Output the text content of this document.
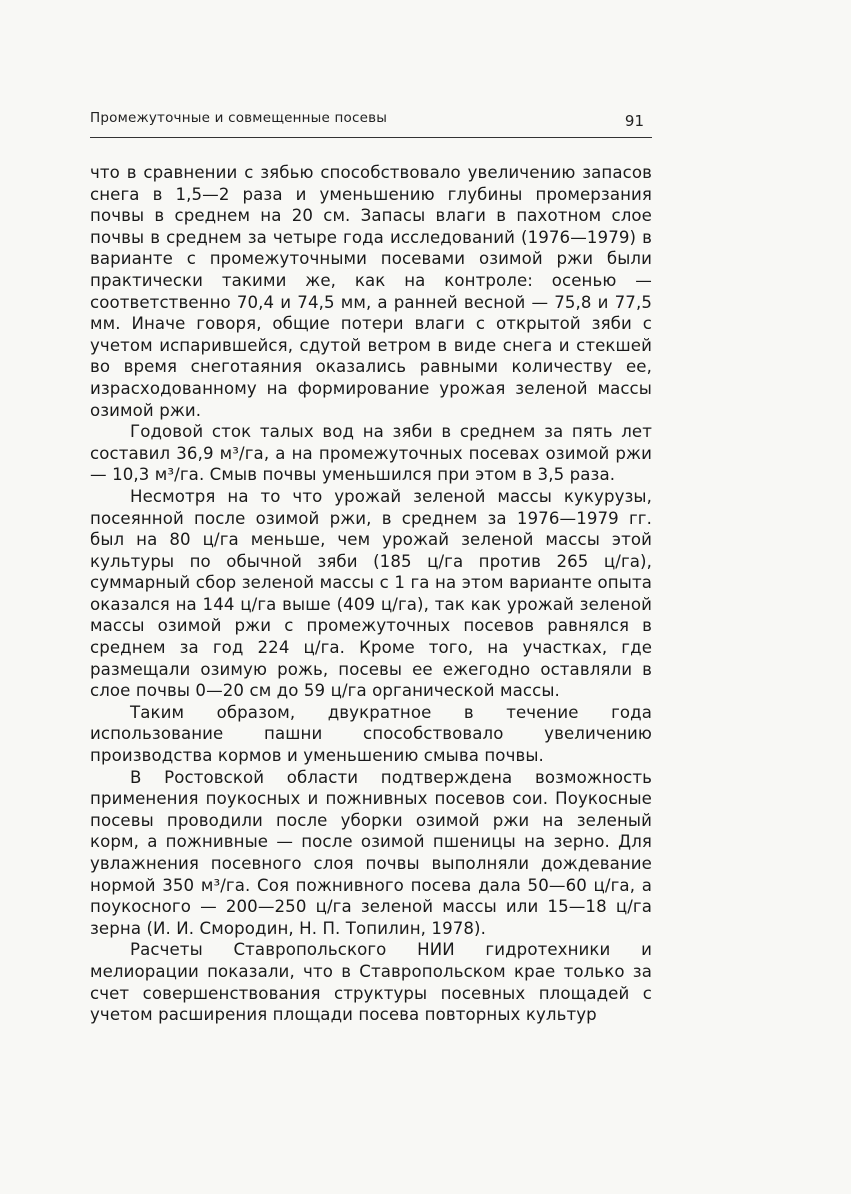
Промежуточные и совмещенные посевы	91

что в сравнении с зябью способствовало увеличению запасов снега в 1,5—2 раза и уменьшению глубины промерзания почвы в среднем на 20 см. Запасы влаги в пахотном слое почвы в среднем за четыре года исследований (1976—1979) в варианте с промежуточными посевами озимой ржи были практически такими же, как на контроле: осенью — соответственно 70,4 и 74,5 мм, а ранней весной — 75,8 и 77,5 мм. Иначе говоря, общие потери влаги с открытой зяби с учетом испарившейся, сдутой ветром в виде снега и стекшей во время снеготаяния оказались равными количеству ее, израсходованному на формирование урожая зеленой массы озимой ржи.

Годовой сток талых вод на зяби в среднем за пять лет составил 36,9 м³/га, а на промежуточных посевах озимой ржи — 10,3 м³/га. Смыв почвы уменьшился при этом в 3,5 раза.

Несмотря на то что урожай зеленой массы кукурузы, посеянной после озимой ржи, в среднем за 1976—1979 гг. был на 80 ц/га меньше, чем урожай зеленой массы этой культуры по обычной зяби (185 ц/га против 265 ц/га), суммарный сбор зеленой массы с 1 га на этом варианте опыта оказался на 144 ц/га выше (409 ц/га), так как урожай зеленой массы озимой ржи с промежуточных посевов равнялся в среднем за год 224 ц/га. Кроме того, на участках, где размещали озимую рожь, посевы ее ежегодно оставляли в слое почвы 0—20 см до 59 ц/га органической массы.

Таким образом, двукратное в течение года использование пашни способствовало увеличению производства кормов и уменьшению смыва почвы.

В Ростовской области подтверждена возможность применения поукосных и пожнивных посевов сои. Поукосные посевы проводили после уборки озимой ржи на зеленый корм, а пожнивные — после озимой пшеницы на зерно. Для увлажнения посевного слоя почвы выполняли дождевание нормой 350 м³/га. Соя пожнивного посева дала 50—60 ц/га, а поукосного — 200—250 ц/га зеленой массы или 15—18 ц/га зерна (И. И. Смородин, Н. П. Топилин, 1978).

Расчеты Ставропольского НИИ гидротехники и мелиорации показали, что в Ставропольском крае только за счет совершенствования структуры посевных площадей с учетом расширения площади посева повторных культур
